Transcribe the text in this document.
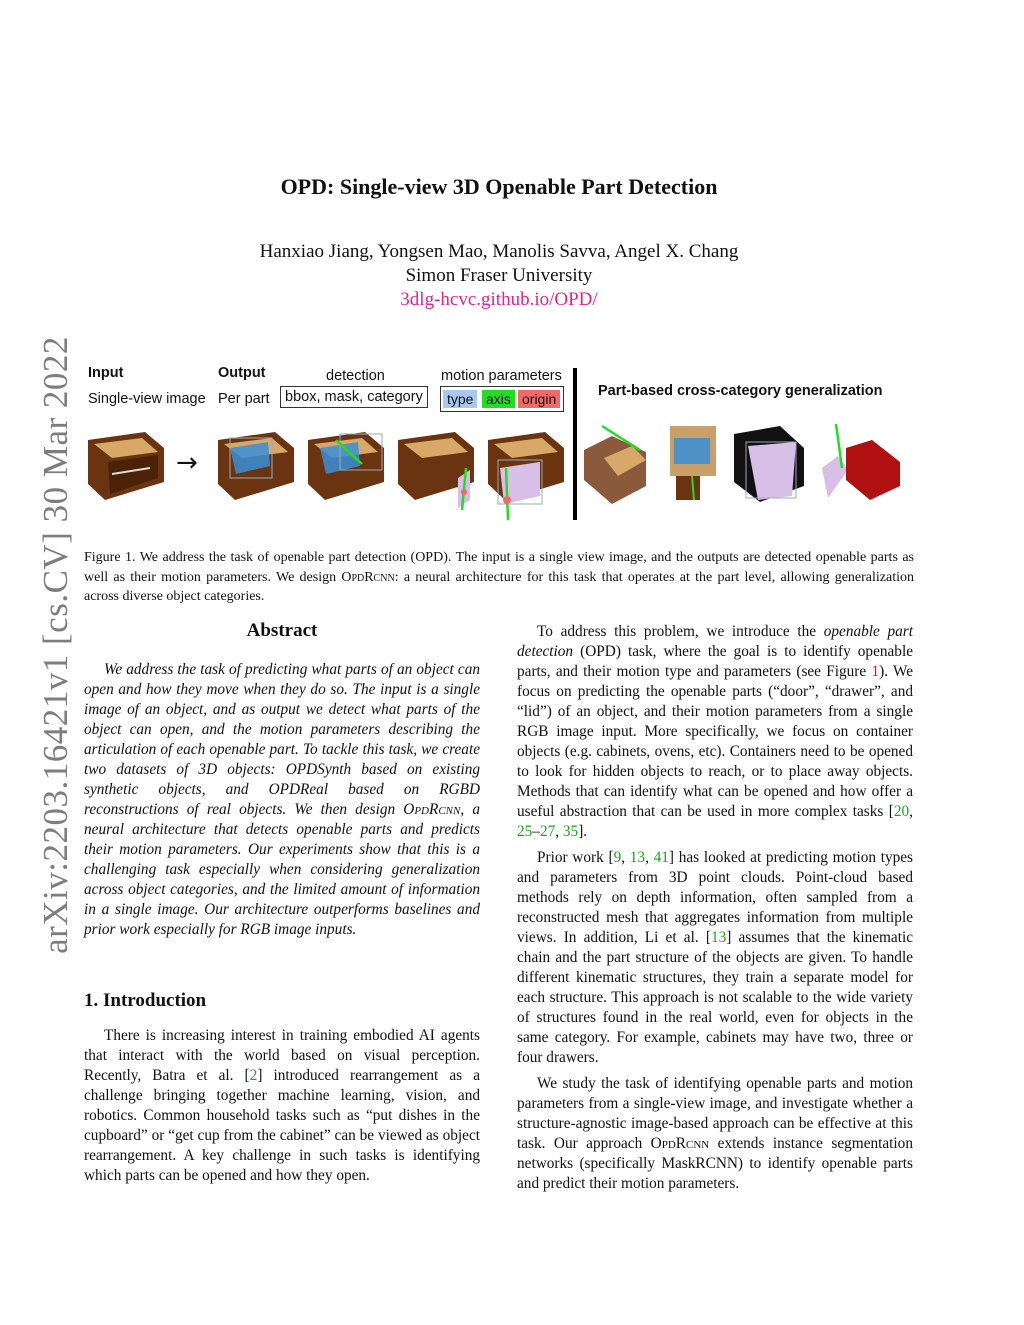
arXiv:2203.16421v1 [cs.CV] 30 Mar 2022
OPD: Single-view 3D Openable Part Detection
Hanxiao Jiang, Yongsen Mao, Manolis Savva, Angel X. Chang
Simon Fraser University
3dlg-hcvc.github.io/OPD/
Input	Output	detection	motion parameters
Single-view image Per part	bbox, mask, category	type axis origin	Part-based cross-category generalization
→
Figure 1. We address the task of openable part detection (OPD). The input is a single view image, and the outputs are detected openable parts as well as their motion parameters. We design OpdRcnn: a neural architecture for this task that operates at the part level, allowing generalization across diverse object categories.
Abstract

We address the task of predicting what parts of an object can open and how they move when they do so. The input is a single image of an object, and as output we detect what parts of the object can open, and the motion parameters describing the articulation of each openable part. To tackle this task, we create two datasets of 3D objects: OPDSynth based on existing synthetic objects, and OPDReal based on RGBD reconstructions of real objects. We then design OpdRcnn, a neural architecture that detects openable parts and predicts their motion parameters. Our experiments show that this is a challenging task especially when considering generalization across object categories, and the limited amount of information in a single image. Our architecture outperforms baselines and prior work especially for RGB image inputs.

1. Introduction

There is increasing interest in training embodied AI agents that interact with the world based on visual perception. Recently, Batra et al. [2] introduced rearrangement as a challenge bringing together machine learning, vision, and robotics. Common household tasks such as “put dishes in the cupboard” or “get cup from the cabinet” can be viewed as object rearrangement. A key challenge in such tasks is identifying which parts can be opened and how they open.

To address this problem, we introduce the openable part detection (OPD) task, where the goal is to identify openable parts, and their motion type and parameters (see Figure 1). We focus on predicting the openable parts (“door”, “drawer”, and “lid”) of an object, and their motion parameters from a single RGB image input. More specifically, we focus on container objects (e.g. cabinets, ovens, etc). Containers need to be opened to look for hidden objects to reach, or to place away objects. Methods that can identify what can be opened and how offer a useful abstraction that can be used in more complex tasks [20, 25–27, 35].

Prior work [9, 13, 41] has looked at predicting motion types and parameters from 3D point clouds. Point-cloud based methods rely on depth information, often sampled from a reconstructed mesh that aggregates information from multiple views. In addition, Li et al. [13] assumes that the kinematic chain and the part structure of the objects are given. To handle different kinematic structures, they train a separate model for each structure. This approach is not scalable to the wide variety of structures found in the real world, even for objects in the same category. For example, cabinets may have two, three or four drawers.

We study the task of identifying openable parts and motion parameters from a single-view image, and investigate whether a structure-agnostic image-based approach can be effective at this task. Our approach OpdRcnn extends instance segmentation networks (specifically MaskRCNN) to identify openable parts and predict their motion parameters.
